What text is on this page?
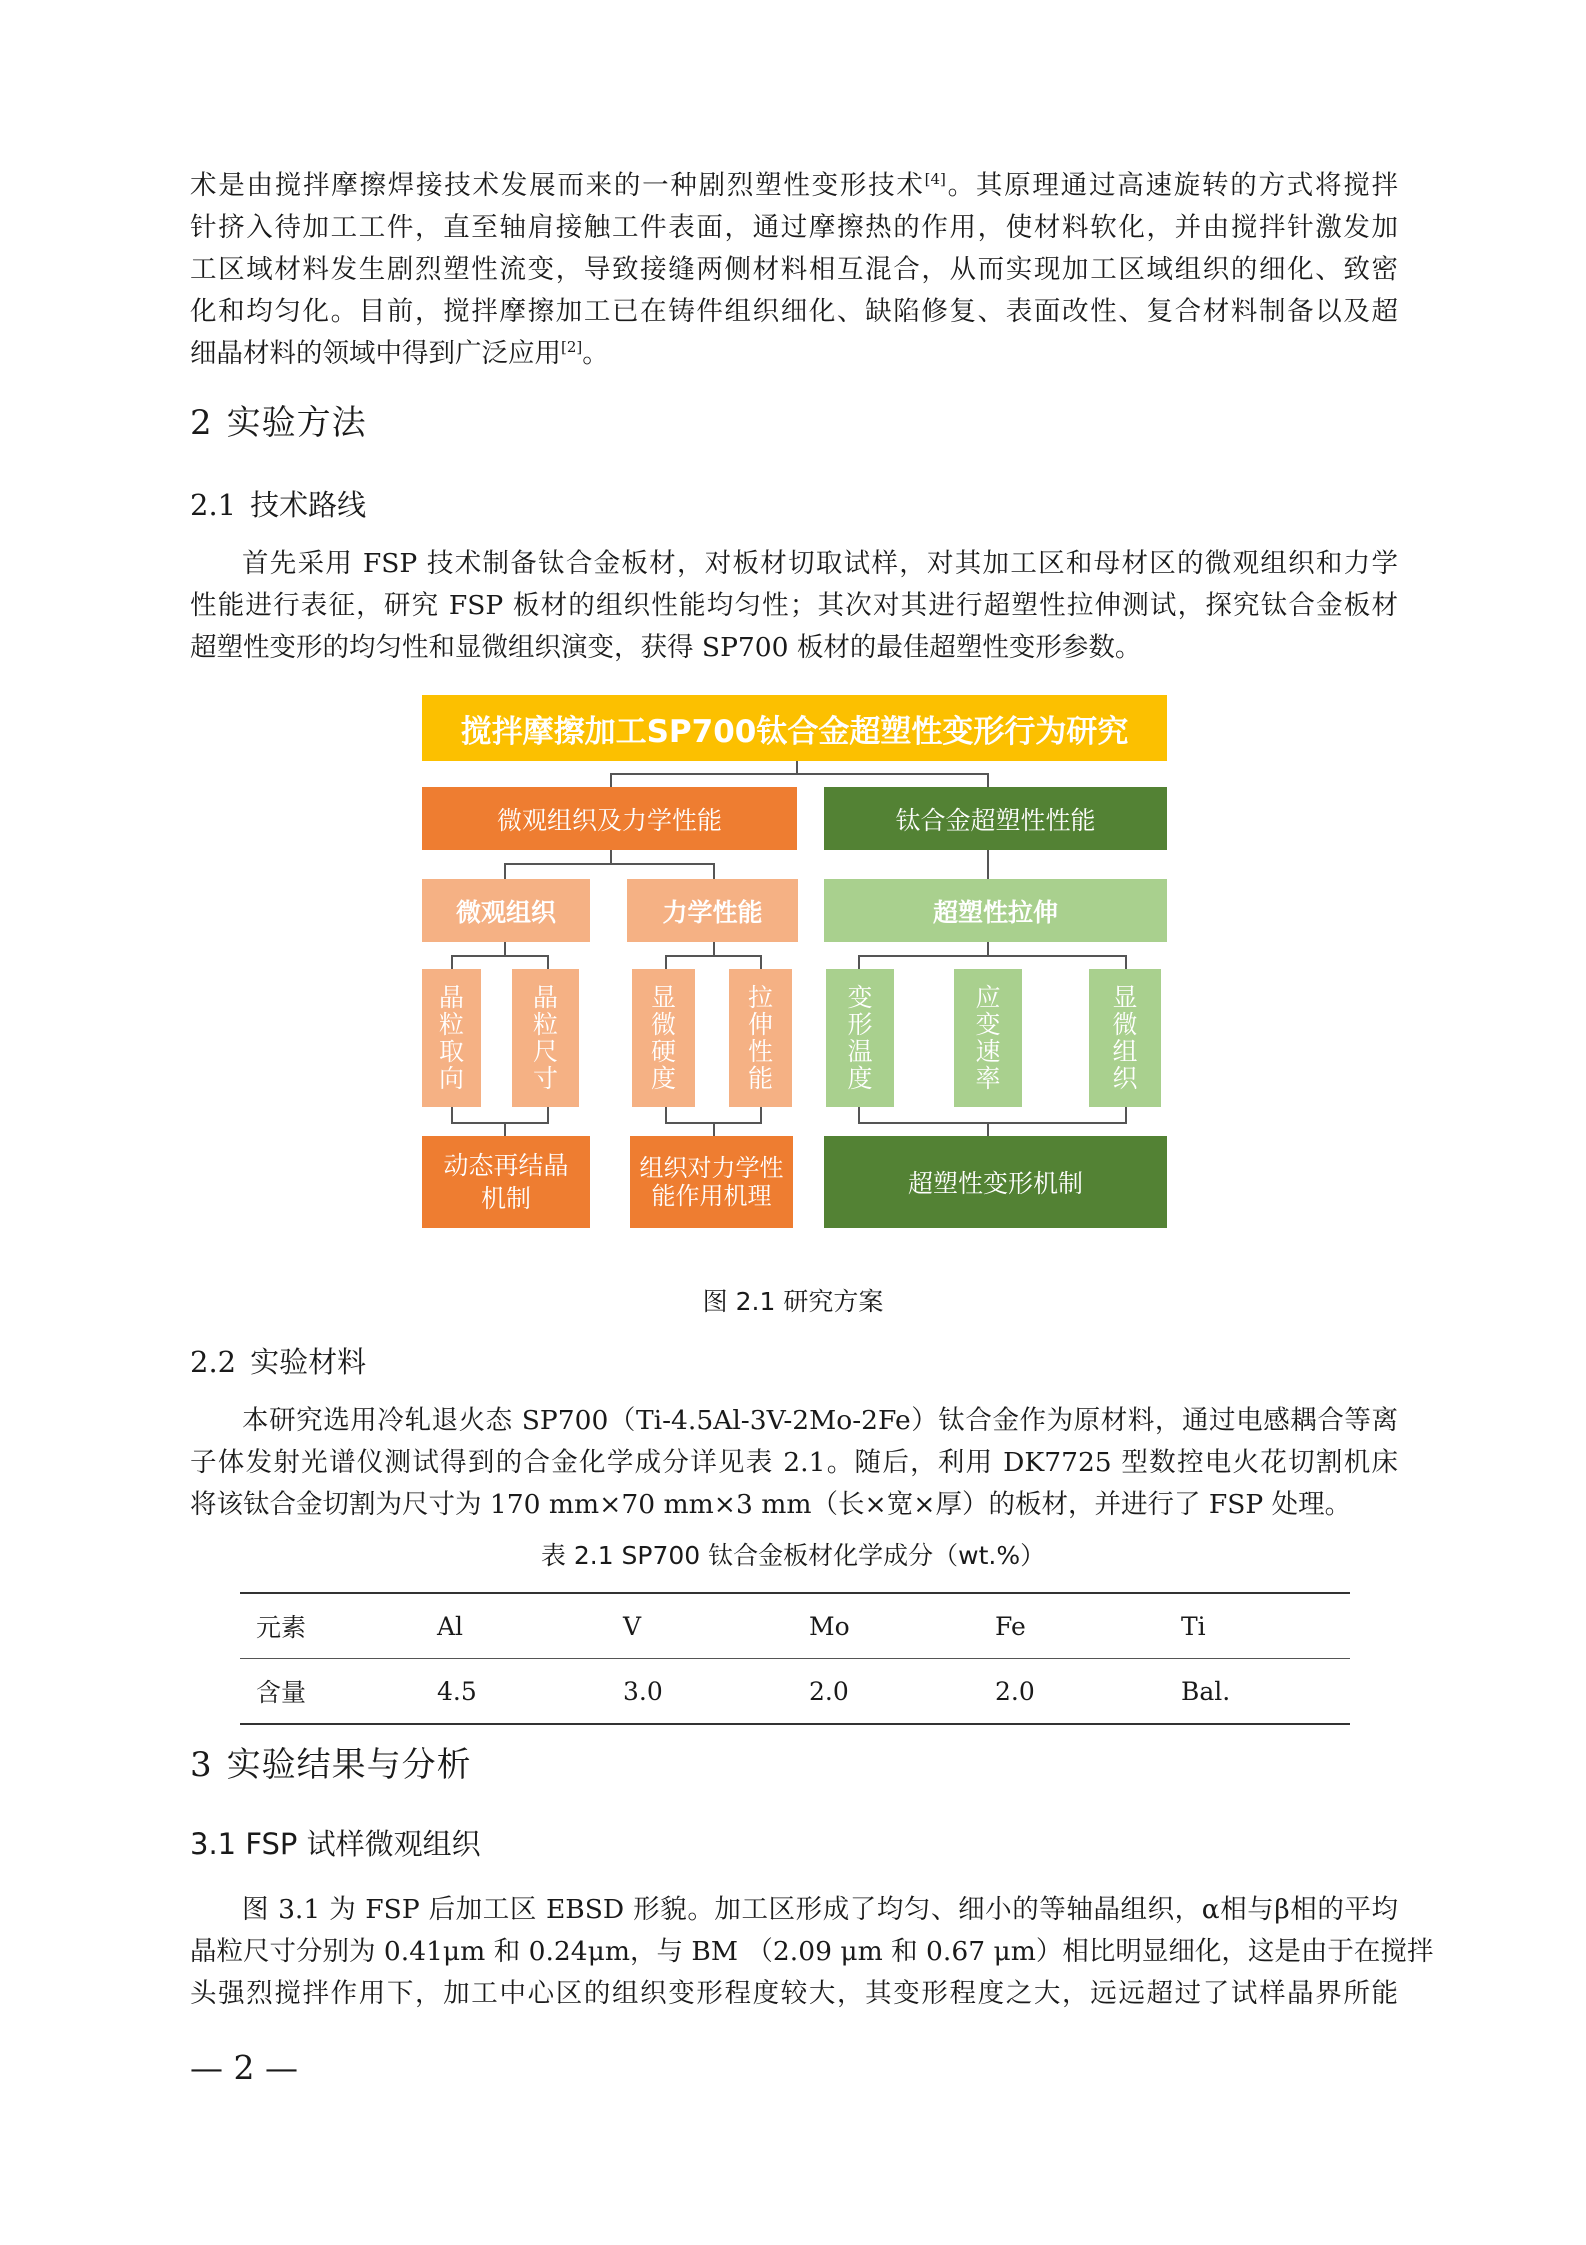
术是由搅拌摩擦焊接技术发展而来的一种剧烈塑性变形技术[4]。其原理通过高速旋转的方式将搅拌
针挤入待加工工件，直至轴肩接触工件表面，通过摩擦热的作用，使材料软化，并由搅拌针激发加
工区域材料发生剧烈塑性流变，导致接缝两侧材料相互混合，从而实现加工区域组织的细化、致密
化和均匀化。目前，搅拌摩擦加工已在铸件组织细化、缺陷修复、表面改性、复合材料制备以及超
细晶材料的领域中得到广泛应用[2]。
2 实验方法
2.1 技术路线
首先采用 FSP 技术制备钛合金板材，对板材切取试样，对其加工区和母材区的微观组织和力学
性能进行表征，研究 FSP 板材的组织性能均匀性；其次对其进行超塑性拉伸测试，探究钛合金板材
超塑性变形的均匀性和显微组织演变，获得 SP700 板材的最佳超塑性变形参数。
搅拌摩擦加工SP700钛合金超塑性变形行为研究
微观组织及力学性能	钛合金超塑性性能
微观组织	力学性能	超塑性拉伸
晶
粒
取
向
晶
粒
尺
寸
显
微
硬
度
拉
伸
性
能
变
形
温
度
应
变
速
率
显
微
组
织
动态再结晶
机制
组织对力学性
能作用机理	超塑性变形机制
图 2.1 研究方案
2.2 实验材料
本研究选用冷轧退火态 SP700（Ti-4.5Al-3V-2Mo-2Fe）钛合金作为原材料，通过电感耦合等离
子体发射光谱仪测试得到的合金化学成分详见表 2.1。随后，利用 DK7725 型数控电火花切割机床
将该钛合金切割为尺寸为 170 mm×70 mm×3 mm（长×宽×厚）的板材，并进行了 FSP 处理。
表 2.1 SP700 钛合金板材化学成分（wt.%）
元素	Al	V	Mo	Fe	Ti
含量	4.5	3.0	2.0	2.0	Bal.
3 实验结果与分析
3.1 FSP 试样微观组织
图 3.1 为 FSP 后加工区 EBSD 形貌。加工区形成了均匀、细小的等轴晶组织，α相与β相的平均
晶粒尺寸分别为 0.41μm 和 0.24μm，与 BM （2.09 μm 和 0.67 μm）相比明显细化，这是由于在搅拌
头强烈搅拌作用下，加工中心区的组织变形程度较大，其变形程度之大，远远超过了试样晶界所能
— 2 —
